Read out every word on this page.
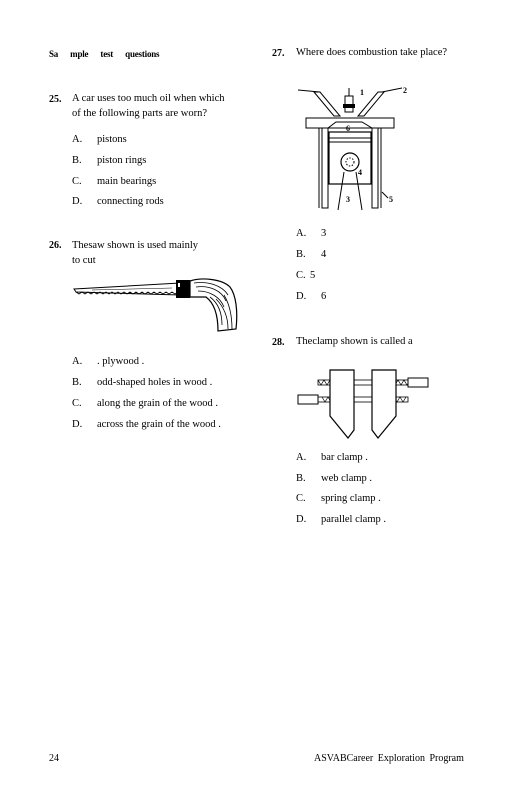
Sa mple test questions
25. A car uses too much oil when which
of the following parts are worn?
A.	pistons
B.	piston rings
C.	main bearings
D.	connecting rods
26. Thesaw shown is used mainly
to cut
A.	. plywood .
B.	odd-shaped holes in wood .
C.	along the grain of the wood .
D.	across the grain of the wood .
27. Where does combustion take place?
1	2
3
4
5
6
A.	3
B.	4
C. 5
D.	6
28. Theclamp shown is called a
A.	bar clamp .
B.	web clamp .
C.	spring clamp .
D.	parallel clamp .
24	ASVABCareer Exploration Program
